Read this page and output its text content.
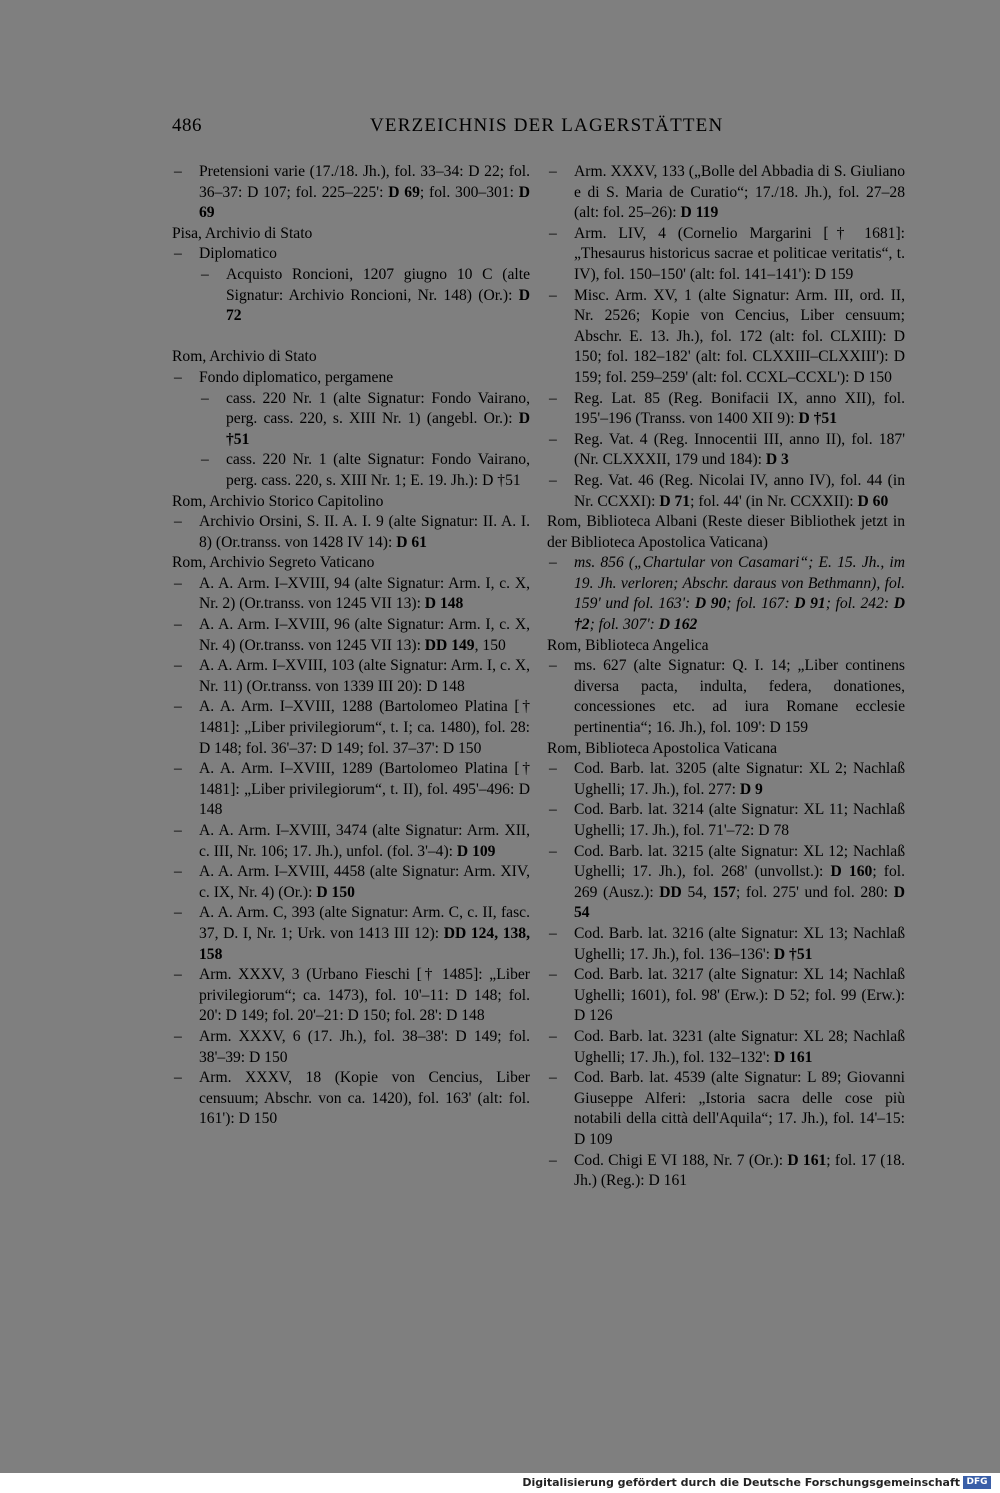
486	VERZEICHNIS DER LAGERSTÄTTEN
– Pretensioni varie (17./18. Jh.), fol. 33–34: D 22; fol. 36–37: D 107; fol. 225–225': D 69; fol. 300–301: D 69
Pisa, Archivio di Stato
– Diplomatico
– Acquisto Roncioni, 1207 giugno 10 C (alte Signatur: Archivio Roncioni, Nr. 148) (Or.): D 72
Rom, Archivio di Stato
– Fondo diplomatico, pergamene
– cass. 220 Nr. 1 (alte Signatur: Fondo Vairano, perg. cass. 220, s. XIII Nr. 1) (angebl. Or.): D †51
– cass. 220 Nr. 1 (alte Signatur: Fondo Vairano, perg. cass. 220, s. XIII Nr. 1; E. 19. Jh.): D †51
Rom, Archivio Storico Capitolino
– Archivio Orsini, S. II. A. I. 9 (alte Signatur: II. A. I. 8) (Or.transs. von 1428 IV 14): D 61
Rom, Archivio Segreto Vaticano
– A. A. Arm. I–XVIII, 94 (alte Signatur: Arm. I, c. X, Nr. 2) (Or.transs. von 1245 VII 13): D 148
– A. A. Arm. I–XVIII, 96 (alte Signatur: Arm. I, c. X, Nr. 4) (Or.transs. von 1245 VII 13): DD 149, 150
– A. A. Arm. I–XVIII, 103 (alte Signatur: Arm. I, c. X, Nr. 11) (Or.transs. von 1339 III 20): D 148
– A. A. Arm. I–XVIII, 1288 (Bartolomeo Platina [† 1481]: „Liber privilegiorum“, t. I; ca. 1480), fol. 28: D 148; fol. 36'–37: D 149; fol. 37–37': D 150
– A. A. Arm. I–XVIII, 1289 (Bartolomeo Platina [† 1481]: „Liber privilegiorum“, t. II), fol. 495'–496: D 148
– A. A. Arm. I–XVIII, 3474 (alte Signatur: Arm. XII, c. III, Nr. 106; 17. Jh.), unfol. (fol. 3'–4): D 109
– A. A. Arm. I–XVIII, 4458 (alte Signatur: Arm. XIV, c. IX, Nr. 4) (Or.): D 150
– A. A. Arm. C, 393 (alte Signatur: Arm. C, c. II, fasc. 37, D. I, Nr. 1; Urk. von 1413 III 12): DD 124, 138, 158
– Arm. XXXV, 3 (Urbano Fieschi [† 1485]: „Liber privilegiorum“; ca. 1473), fol. 10'–11: D 148; fol. 20': D 149; fol. 20'–21: D 150; fol. 28': D 148
– Arm. XXXV, 6 (17. Jh.), fol. 38–38': D 149; fol. 38'–39: D 150
– Arm. XXXV, 18 (Kopie von Cencius, Liber censuum; Abschr. von ca. 1420), fol. 163' (alt: fol. 161'): D 150
– Arm. XXXV, 133 („Bolle del Abbadia di S. Giuliano e di S. Maria de Curatio“; 17./18. Jh.), fol. 27–28 (alt: fol. 25–26): D 119
– Arm. LIV, 4 (Cornelio Margarini [† 1681]: „Thesaurus historicus sacrae et politicae veritatis“, t. IV), fol. 150–150' (alt: fol. 141–141'): D 159
– Misc. Arm. XV, 1 (alte Signatur: Arm. III, ord. II, Nr. 2526; Kopie von Cencius, Liber censuum; Abschr. E. 13. Jh.), fol. 172 (alt: fol. CLXIII): D 150; fol. 182–182' (alt: fol. CLXXIII–CLXXIII'): D 159; fol. 259–259' (alt: fol. CCXL–CCXL'): D 150
– Reg. Lat. 85 (Reg. Bonifacii IX, anno XII), fol. 195'–196 (Transs. von 1400 XII 9): D †51
– Reg. Vat. 4 (Reg. Innocentii III, anno II), fol. 187' (Nr. CLXXXII, 179 und 184): D 3
– Reg. Vat. 46 (Reg. Nicolai IV, anno IV), fol. 44 (in Nr. CCXXI): D 71; fol. 44' (in Nr. CCXXII): D 60
Rom, Biblioteca Albani (Reste dieser Bibliothek jetzt in der Biblioteca Apostolica Vaticana)
– ms. 856 („Chartular von Casamari“; E. 15. Jh., im 19. Jh. verloren; Abschr. daraus von Bethmann), fol. 159' und fol. 163': D 90; fol. 167: D 91; fol. 242: D †2; fol. 307': D 162
Rom, Biblioteca Angelica
– ms. 627 (alte Signatur: Q. I. 14; „Liber continens diversa pacta, indulta, federa, donationes, concessiones etc. ad iura Romane ecclesie pertinentia“; 16. Jh.), fol. 109': D 159
Rom, Biblioteca Apostolica Vaticana
– Cod. Barb. lat. 3205 (alte Signatur: XL 2; Nachlaß Ughelli; 17. Jh.), fol. 277: D 9
– Cod. Barb. lat. 3214 (alte Signatur: XL 11; Nachlaß Ughelli; 17. Jh.), fol. 71'–72: D 78
– Cod. Barb. lat. 3215 (alte Signatur: XL 12; Nachlaß Ughelli; 17. Jh.), fol. 268' (unvollst.): D 160; fol. 269 (Ausz.): DD 54, 157; fol. 275' und fol. 280: D 54
– Cod. Barb. lat. 3216 (alte Signatur: XL 13; Nachlaß Ughelli; 17. Jh.), fol. 136–136': D †51
– Cod. Barb. lat. 3217 (alte Signatur: XL 14; Nachlaß Ughelli; 1601), fol. 98' (Erw.): D 52; fol. 99 (Erw.): D 126
– Cod. Barb. lat. 3231 (alte Signatur: XL 28; Nachlaß Ughelli; 17. Jh.), fol. 132–132': D 161
– Cod. Barb. lat. 4539 (alte Signatur: L 89; Giovanni Giuseppe Alferi: „Istoria sacra delle cose più notabili della città dell'Aquila“; 17. Jh.), fol. 14'–15: D 109
– Cod. Chigi E VI 188, Nr. 7 (Or.): D 161; fol. 17 (18. Jh.) (Reg.): D 161
Digitalisierung gefördert durch die Deutsche Forschungsgemeinschaft DFG
